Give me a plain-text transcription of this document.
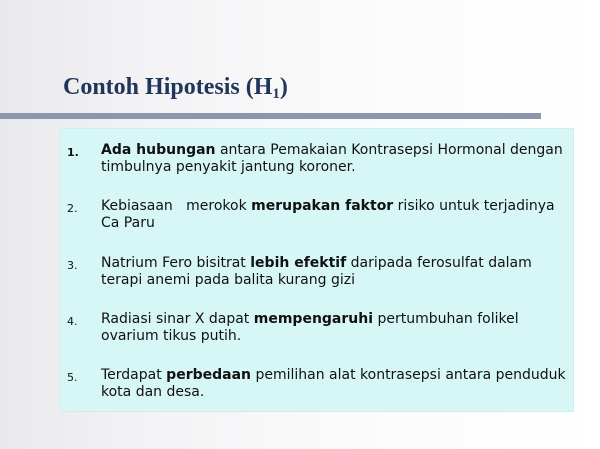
Contoh Hipotesis $(H_1)$
1. Ada hubungan antara Pemakaian Kontrasepsi Hormonal dengan timbulnya penyakit jantung koroner.
2. Kebiasaan   merokok merupakan faktor risiko untuk terjadinya Ca Paru
3. Natrium Fero bisitrat lebih efektif daripada ferosulfat dalam terapi anemi pada balita kurang gizi
4. Radiasi sinar X dapat mempengaruhi pertumbuhan folikel ovarium tikus putih.
5. Terdapat perbedaan pemilihan alat kontrasepsi antara penduduk kota dan desa.
